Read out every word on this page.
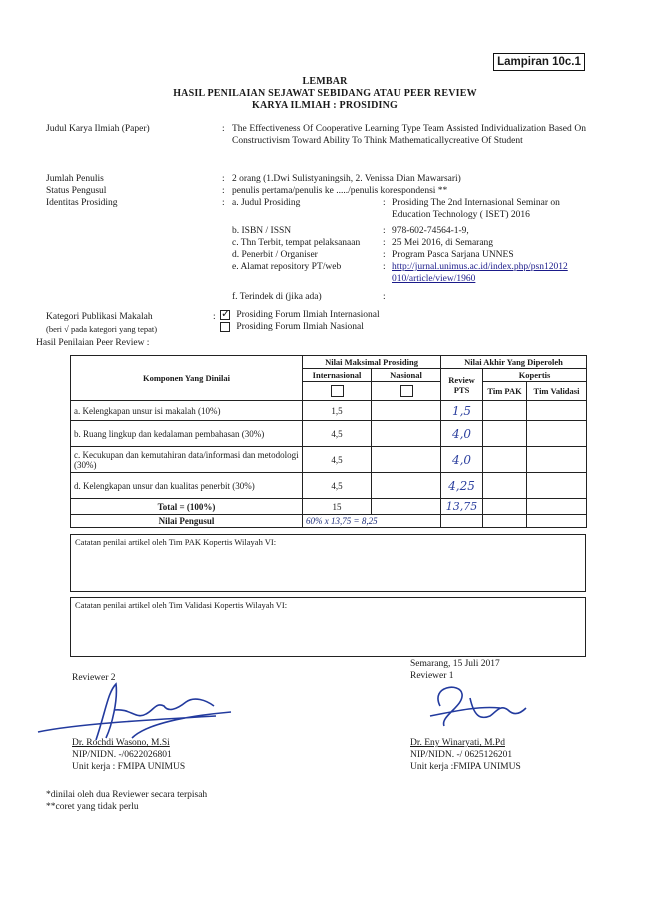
Lampiran 10c.1
LEMBAR
HASIL PENILAIAN SEJAWAT SEBIDANG ATAU PEER REVIEW
KARYA ILMIAH : PROSIDING
Judul Karya Ilmiah (Paper)	: The Effectiveness Of Cooperative Learning Type Team Assisted Individualization Based On Constructivism Toward Ability To Think Mathematicallycreative Of Student
Jumlah Penulis	: 2 orang (1.Dwi Sulistyaningsih, 2. Venissa Dian Mawarsari)
Status Pengusul	: penulis pertama/penulis ke ...../penulis korespondensi **
Identitas Prosiding	: a. Judul Prosiding	: Prosiding The 2nd Internasional Seminar on Education Technology ( ISET) 2016
b. ISBN / ISSN	: 978-602-74564-1-9,
c. Thn Terbit, tempat pelaksanaan : 25 Mei 2016, di Semarang
d. Penerbit / Organiser	: Program Pasca Sarjana UNNES
e. Alamat repository PT/web	: http://jurnal.unimus.ac.id/index.php/psn12012010/article/view/1960
f. Terindek di (jika ada)	:
Kategori Publikasi Makalah	:
(beri √ pada kategori yang tepat)
✓ Prosiding Forum Ilmiah Internasional
Prosiding Forum Ilmiah Nasional
Hasil Penilaian Peer Review :
Komponen Yang Dinilai	Nilai Maksimal Prosiding		Nilai Akhir Yang Diperoleh		
	Internasional	Nasional	Review PTS	Kopertis	
				Tim PAK	Tim Validasi
a. Kelengkapan unsur isi makalah (10%)	1,5		1,5		
b. Ruang lingkup dan kedalaman pembahasan (30%)	4,5		4,0		
c. Kecukupan dan kemutahiran data/informasi dan metodologi (30%)	4,5		4,0		
d. Kelengkapan unsur dan kualitas penerbit (30%)	4,5		4,25		
Total = (100%)	15		13,75		
Nilai Pengusul	60% x 13,75 = 8,25				
Catatan penilai artikel oleh Tim PAK Kopertis Wilayah VI:
Catatan penilai artikel oleh Tim Validasi Kopertis Wilayah VI:
Semarang, 15 Juli 2017
Reviewer 2
Dr. Rochdi Wasono, M.Si
NIP/NIDN. -/0622026801
Unit kerja : FMIPA UNIMUS
Reviewer 1
Dr. Eny Winaryati, M.Pd
NIP/NIDN. -/ 0625126201
Unit kerja :FMIPA UNIMUS
*dinilai oleh dua Reviewer secara terpisah
**coret yang tidak perlu
